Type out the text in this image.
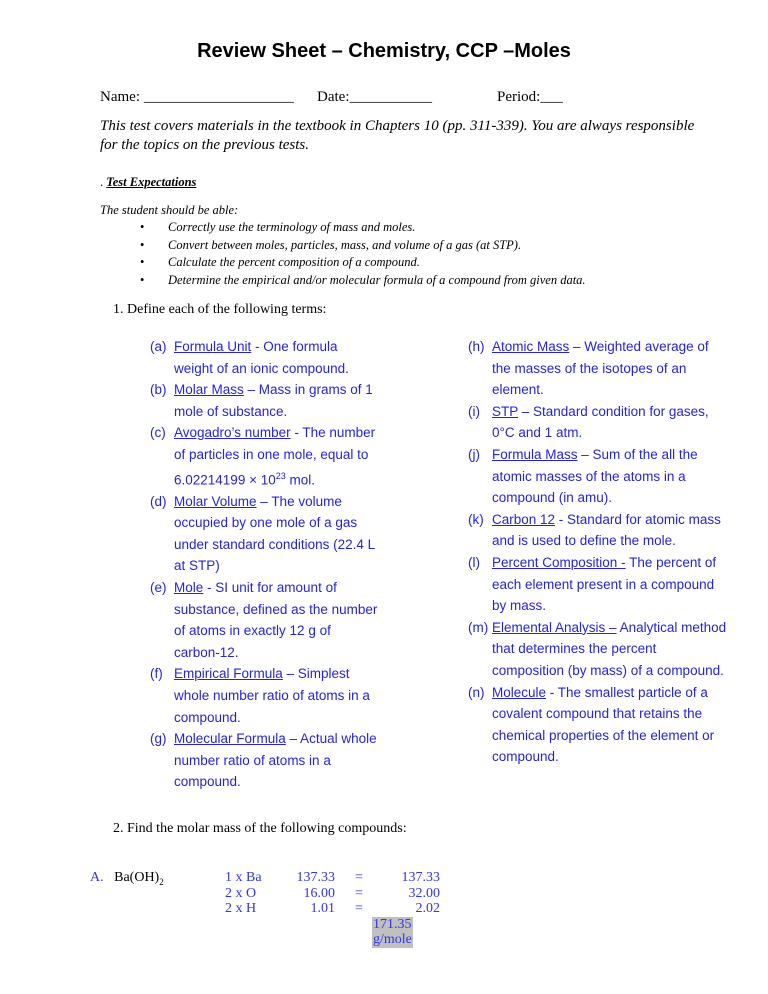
Review Sheet – Chemistry, CCP –Moles
Name: ____________________ Date:___________	Period:___
This test covers materials in the textbook in Chapters 10 (pp. 311-339). You are always responsible for the topics on the previous tests.
. Test Expectations
The student should be able:
• Correctly use the terminology of mass and moles.
• Convert between moles, particles, mass, and volume of a gas (at STP).
• Calculate the percent composition of a compound.
• Determine the empirical and/or molecular formula of a compound from given data.
1. Define each of the following terms:
(a) Formula Unit - One formula weight of an ionic compound.
(b) Molar Mass – Mass in grams of 1 mole of substance.
(c) Avogadro’s number - The number of particles in one mole, equal to $6.02214199 \times 10^{23}$ mol.
(d) Molar Volume – The volume occupied by one mole of a gas under standard conditions (22.4 L at STP)
(e) Mole - SI unit for amount of substance, defined as the number of atoms in exactly 12 g of carbon-12.
(f) Empirical Formula – Simplest whole number ratio of atoms in a compound.
(g) Molecular Formula – Actual whole number ratio of atoms in a compound.
(h) Atomic Mass – Weighted average of the masses of the isotopes of an element.
(i) STP – Standard condition for gases, 0°C and 1 atm.
(j) Formula Mass – Sum of the all the atomic masses of the atoms in a compound (in amu).
(k) Carbon 12 - Standard for atomic mass and is used to define the mole.
(l) Percent Composition - The percent of each element present in a compound by mass.
(m) Elemental Analysis – Analytical method that determines the percent composition (by mass) of a compound.
(n) Molecule - The smallest particle of a covalent compound that retains the chemical properties of the element or compound.
2. Find the molar mass of the following compounds:
A. $Ba(OH)_2$	1 x Ba	137.33 =	137.33
2 x O	16.00 =	32.00
2 x H	1.01 =	2.02
171.35 g/mole
